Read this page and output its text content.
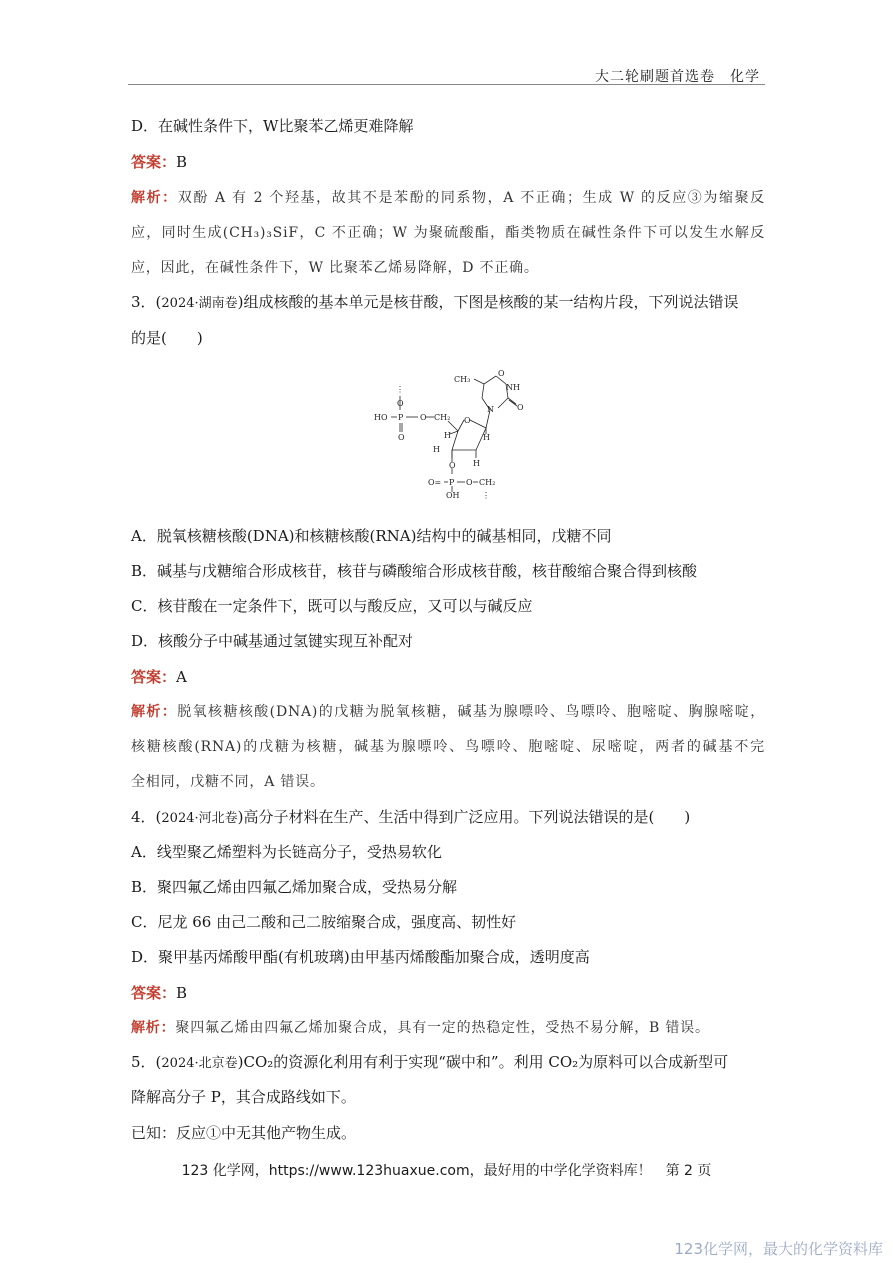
大二轮刷题首选卷　化学
D．在碱性条件下，W比聚苯乙烯更难降解
答案：B
解析：双酚 A 有 2 个羟基，故其不是苯酚的同系物，A 不正确；生成 W 的反应③为缩聚反
应，同时生成(CH₃)₃SiF，C 不正确；W 为聚硫酸酯，酯类物质在碱性条件下可以发生水解反
应，因此，在碱性条件下，W 比聚苯乙烯易降解，D 不正确。
3．(2024·湖南卷)组成核酸的基本单元是核苷酸，下图是核酸的某一结构片段，下列说法错误
的是(　　)
⋮
O
HO P O CH₂
O
O
H	H
H
H
O
O= P O CH₂
OH	⋮
CH₃
O
NH
N	O
A．脱氧核糖核酸(DNA)和核糖核酸(RNA)结构中的碱基相同，戊糖不同
B．碱基与戊糖缩合形成核苷，核苷与磷酸缩合形成核苷酸，核苷酸缩合聚合得到核酸
C．核苷酸在一定条件下，既可以与酸反应，又可以与碱反应
D．核酸分子中碱基通过氢键实现互补配对
答案：A
解析：脱氧核糖核酸(DNA)的戊糖为脱氧核糖，碱基为腺嘌呤、鸟嘌呤、胞嘧啶、胸腺嘧啶，
核糖核酸(RNA)的戊糖为核糖，碱基为腺嘌呤、鸟嘌呤、胞嘧啶、尿嘧啶，两者的碱基不完
全相同，戊糖不同，A 错误。
4．(2024·河北卷)高分子材料在生产、生活中得到广泛应用。下列说法错误的是(　　)
A．线型聚乙烯塑料为长链高分子，受热易软化
B．聚四氟乙烯由四氟乙烯加聚合成，受热易分解
C．尼龙 66 由己二酸和己二胺缩聚合成，强度高、韧性好
D．聚甲基丙烯酸甲酯(有机玻璃)由甲基丙烯酸酯加聚合成，透明度高
答案：B
解析：聚四氟乙烯由四氟乙烯加聚合成，具有一定的热稳定性，受热不易分解，B 错误。
5．(2024·北京卷)CO₂的资源化利用有利于实现“碳中和”。利用 CO₂为原料可以合成新型可
降解高分子 P，其合成路线如下。
已知：反应①中无其他产物生成。
123 化学网，https://www.123huaxue.com，最好用的中学化学资料库！　第 2 页
123化学网，最大的化学资料库
